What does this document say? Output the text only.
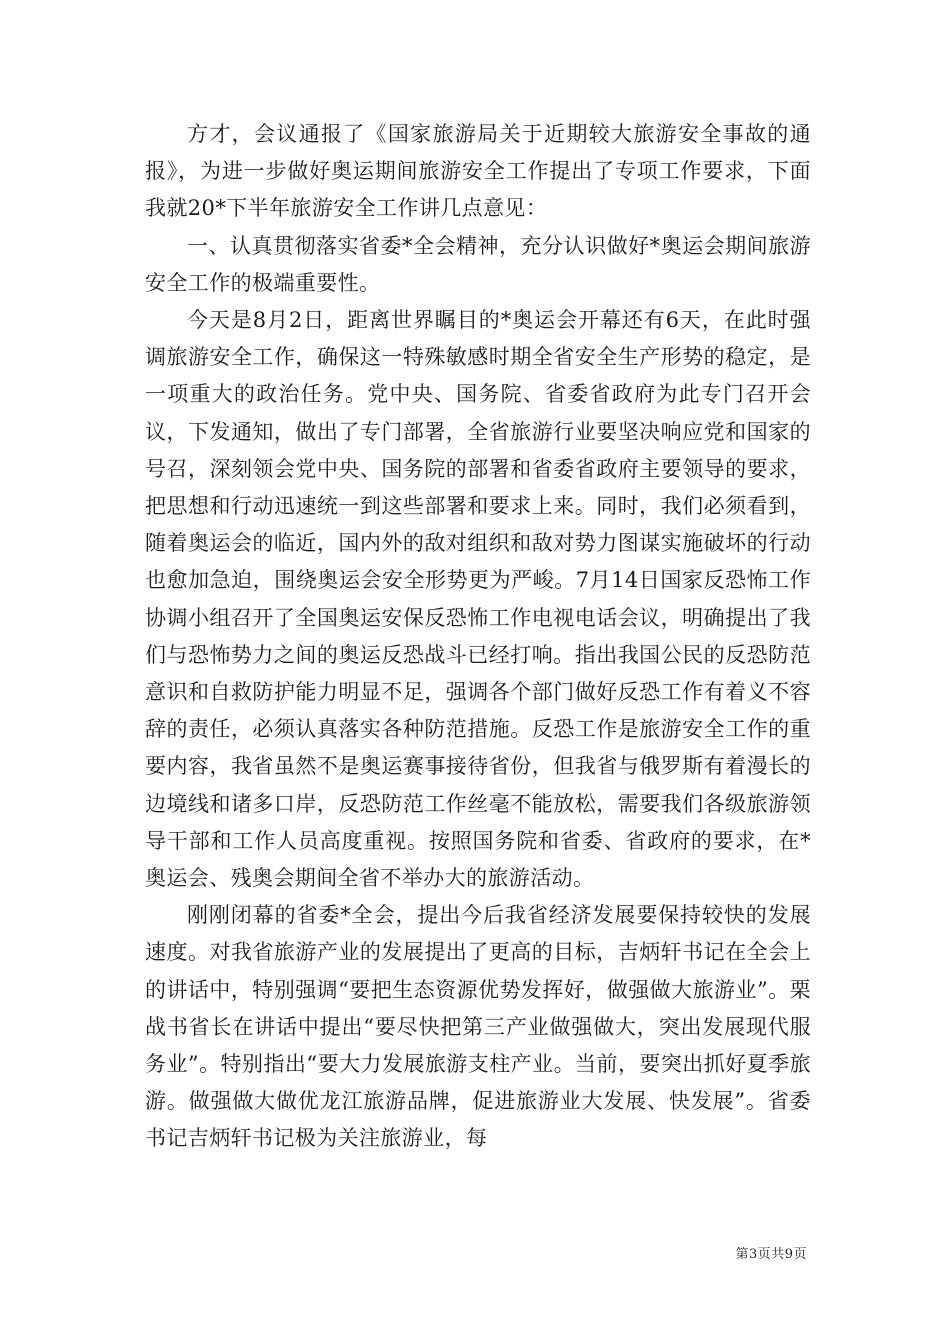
方才，会议通报了《国家旅游局关于近期较大旅游安全事故的通报》，为进一步做好奥运期间旅游安全工作提出了专项工作要求，下面我就20*下半年旅游安全工作讲几点意见：

一、认真贯彻落实省委*全会精神，充分认识做好*奥运会期间旅游安全工作的极端重要性。

今天是8月2日，距离世界瞩目的*奥运会开幕还有6天，在此时强调旅游安全工作，确保这一特殊敏感时期全省安全生产形势的稳定，是一项重大的政治任务。党中央、国务院、省委省政府为此专门召开会议，下发通知，做出了专门部署，全省旅游行业要坚决响应党和国家的号召，深刻领会党中央、国务院的部署和省委省政府主要领导的要求，把思想和行动迅速统一到这些部署和要求上来。同时，我们必须看到，随着奥运会的临近，国内外的敌对组织和敌对势力图谋实施破坏的行动也愈加急迫，围绕奥运会安全形势更为严峻。7月14日国家反恐怖工作协调小组召开了全国奥运安保反恐怖工作电视电话会议，明确提出了我们与恐怖势力之间的奥运反恐战斗已经打响。指出我国公民的反恐防范意识和自救防护能力明显不足，强调各个部门做好反恐工作有着义不容辞的责任，必须认真落实各种防范措施。反恐工作是旅游安全工作的重要内容，我省虽然不是奥运赛事接待省份，但我省与俄罗斯有着漫长的边境线和诸多口岸，反恐防范工作丝毫不能放松，需要我们各级旅游领导干部和工作人员高度重视。按照国务院和省委、省政府的要求，在*奥运会、残奥会期间全省不举办大的旅游活动。

刚刚闭幕的省委*全会，提出今后我省经济发展要保持较快的发展速度。对我省旅游产业的发展提出了更高的目标，吉炳轩书记在全会上的讲话中，特别强调“要把生态资源优势发挥好，做强做大旅游业”。栗战书省长在讲话中提出“要尽快把第三产业做强做大，突出发展现代服务业”。特别指出“要大力发展旅游支柱产业。当前，要突出抓好夏季旅游。做强做大做优龙江旅游品牌，促进旅游业大发展、快发展”。省委书记吉炳轩书记极为关注旅游业，每

第3页共9页
